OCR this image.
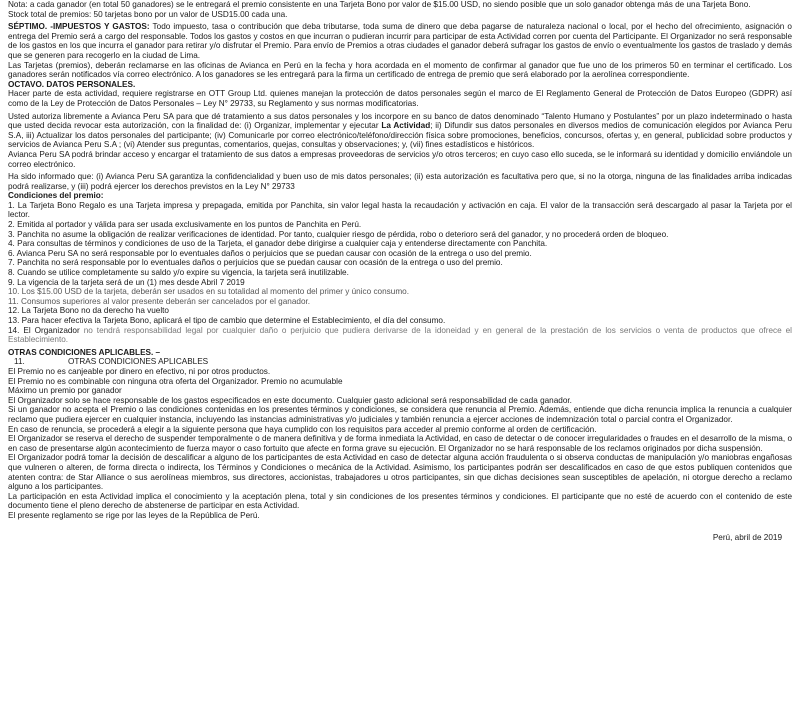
Nota: a cada ganador (en total 50 ganadores) se le entregará el premio consistente en una Tarjeta Bono por valor de $15.00 USD, no siendo posible que un solo ganador obtenga más de una Tarjeta Bono.

Stock total de premios: 50 tarjetas bono por un valor de USD15.00 cada una.

SÉPTIMO. -IMPUESTOS Y GASTOS: Todo impuesto, tasa o contribución que deba tributarse, toda suma de dinero que deba pagarse de naturaleza nacional o local, por el hecho del ofrecimiento, asignación o entrega del Premio será a cargo del responsable. Todos los gastos y costos en que incurran o pudieran incurrir para participar de esta Actividad corren por cuenta del Participante. El Organizador no será responsable de los gastos en los que incurra el ganador para retirar y/o disfrutar el Premio. Para envío de Premios a otras ciudades el ganador deberá sufragar los gastos de envío o eventualmente los gastos de traslado y demás que se generen para recogerlo en la ciudad de Lima.

Las Tarjetas (premios), deberán reclamarse en las oficinas de Avianca en Perú en la fecha y hora acordada en el momento de confirmar al ganador que fue uno de los primeros 50 en terminar el certificado. Los ganadores serán notificados vía correo electrónico. A los ganadores se les entregará para la firma un certificado de entrega de premio que será elaborado por la aerolínea correspondiente.

OCTAVO. DATOS PERSONALES.

Hacer parte de esta actividad, requiere registrarse en OTT Group Ltd. quienes manejan la protección de datos personales según el marco de El Reglamento General de Protección de Datos Europeo (GDPR) así como de la Ley de Protección de Datos Personales – Ley N° 29733, su Reglamento y sus normas modificatorias.

Usted autoriza libremente a Avianca Peru SA para que dé tratamiento a sus datos personales y los incorpore en su banco de datos denominado “Talento Humano y Postulantes” por un plazo indeterminado o hasta que usted decida revocar esta autorización, con la finalidad de: (i) Organizar, implementar y ejecutar La Actividad; ii) Difundir sus datos personales en diversos medios de comunicación elegidos por Avianca Peru S.A, iii) Actualizar los datos personales del participante; (iv) Comunicarle por correo electrónico/teléfono/dirección física sobre promociones, beneficios, concursos, ofertas y, en general, publicidad sobre productos y servicios de Avianca Peru S.A ; (vi) Atender sus preguntas, comentarios, quejas, consultas y observaciones; y, (vii) fines estadísticos e históricos.

Avianca Peru SA podrá brindar acceso y encargar el tratamiento de sus datos a empresas proveedoras de servicios y/o otros terceros; en cuyo caso ello suceda, se le informará su identidad y domicilio enviándole un correo electrónico.

Ha sido informado que: (i) Avianca Peru SA garantiza la confidencialidad y buen uso de mis datos personales; (ii) esta autorización es facultativa pero que, si no la otorga, ninguna de las finalidades arriba indicadas podrá realizarse, y (iii) podrá ejercer los derechos previstos en la Ley N° 29733

Condiciones del premio:

1. La Tarjeta Bono Regalo es una Tarjeta impresa y prepagada, emitida por Panchita, sin valor legal hasta la recaudación y activación en caja. El valor de la transacción será descargado al pasar la Tarjeta por el lector.

2. Emitida al portador y válida para ser usada exclusivamente en los puntos de Panchita en Perú.

3. Panchita no asume la obligación de realizar verificaciones de identidad. Por tanto, cualquier riesgo de pérdida, robo o deterioro será del ganador, y no procederá orden de bloqueo.

4. Para consultas de términos y condiciones de uso de la Tarjeta, el ganador debe dirigirse a cualquier caja y entenderse directamente con Panchita.

6. Avianca Peru SA no será responsable por lo eventuales daños o perjuicios que se puedan causar con ocasión de la entrega o uso del premio.

7. Panchita no será responsable por lo eventuales daños o perjuicios que se puedan causar con ocasión de la entrega o uso del premio.

8. Cuando se utilice completamente su saldo y/o expire su vigencia, la tarjeta será inutilizable.

9. La vigencia de la tarjeta será de un (1) mes desde Abril 7 2019

10. Los $15.00 USD de la tarjeta, deberán ser usados en su totalidad al momento del primer y único consumo.

11. Consumos superiores al valor presente deberán ser cancelados por el ganador.

12. La Tarjeta Bono no da derecho ha vuelto

13. Para hacer efectiva la Tarjeta Bono, aplicará el tipo de cambio que determine el Establecimiento, el día del consumo.

14. El Organizador no tendrá responsabilidad legal por cualquier daño o perjuicio que pudiera derivarse de la idoneidad y en general de la prestación de los servicios o venta de productos que ofrece el Establecimiento.

OTRAS CONDICIONES APLICABLES. –

11.	OTRAS CONDICIONES APLICABLES

El Premio no es canjeable por dinero en efectivo, ni por otros productos.

El Premio no es combinable con ninguna otra oferta del Organizador. Premio no acumulable

Máximo un premio por ganador

El Organizador solo se hace responsable de los gastos especificados en este documento. Cualquier gasto adicional será responsabilidad de cada ganador.

Si un ganador no acepta el Premio o las condiciones contenidas en los presentes términos y condiciones, se considera que renuncia al Premio. Además, entiende que dicha renuncia implica la renuncia a cualquier reclamo que pudiera ejercer en cualquier instancia, incluyendo las instancias administrativas y/o judiciales y también renuncia a ejercer acciones de indemnización total o parcial contra el Organizador.

En caso de renuncia, se procederá a elegir a la siguiente persona que haya cumplido con los requisitos para acceder al premio conforme al orden de certificación.

El Organizador se reserva el derecho de suspender temporalmente o de manera definitiva y de forma inmediata la Actividad, en caso de detectar o de conocer irregularidades o fraudes en el desarrollo de la misma, o en caso de presentarse algún acontecimiento de fuerza mayor o caso fortuito que afecte en forma grave su ejecución. El Organizador no se hará responsable de los reclamos originados por dicha suspensión.

El Organizador podrá tomar la decisión de descalificar a alguno de los participantes de esta Actividad en caso de detectar alguna acción fraudulenta o si observa conductas de manipulación y/o maniobras engañosas que vulneren o alteren, de forma directa o indirecta, los Términos y Condiciones o mecánica de la Actividad. Asimismo, los participantes podrán ser descalificados en caso de que estos publiquen contenidos que atenten contra: de Star Alliance o sus aerolíneas miembros, sus directores, accionistas, trabajadores u otros participantes, sin que dichas decisiones sean susceptibles de apelación, ni otorgue derecho a reclamo alguno a los participantes.

La participación en esta Actividad implica el conocimiento y la aceptación plena, total y sin condiciones de los presentes términos y condiciones. El participante que no esté de acuerdo con el contenido de este documento tiene el pleno derecho de abstenerse de participar en esta Actividad.

El presente reglamento se rige por las leyes de la República de Perú.

Perú, abril de 2019
